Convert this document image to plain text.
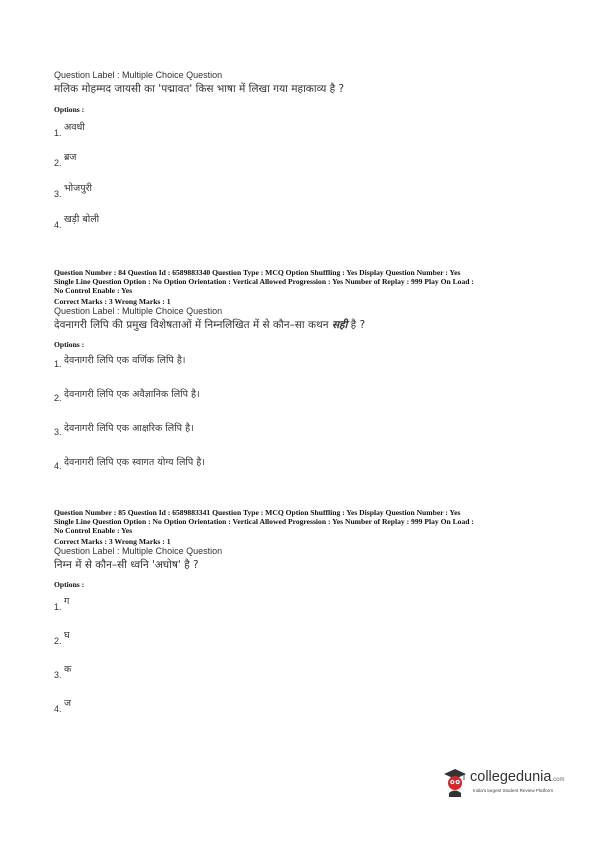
Question Label : Multiple Choice Question
मलिक मोहम्मद जायसी का 'पद्मावत' किस भाषा में लिखा गया महाकाव्य है ?
Options :
1. अवधी
2. ब्रज
3. भोजपुरी
4. खड़ी बोली
Question Number : 84 Question Id : 6589883340 Question Type : MCQ Option Shuffling : Yes Display Question Number : Yes
Single Line Question Option : No Option Orientation : Vertical Allowed Progression : Yes Number of Replay : 999 Play On Load :
No Control Enable : Yes
Correct Marks : 3 Wrong Marks : 1
Question Label : Multiple Choice Question
देवनागरी लिपि की प्रमुख विशेषताओं में निम्नलिखित में से कौन–सा कथन सही है ?
Options :
1. देवनागरी लिपि एक वर्णिक लिपि है।
2. देवनागरी लिपि एक अवैज्ञानिक लिपि है।
3. देवनागरी लिपि एक आक्षरिक लिपि है।
4. देवनागरी लिपि एक स्वागत योग्य लिपि है।
Question Number : 85 Question Id : 6589883341 Question Type : MCQ Option Shuffling : Yes Display Question Number : Yes
Single Line Question Option : No Option Orientation : Vertical Allowed Progression : Yes Number of Replay : 999 Play On Load :
No Control Enable : Yes
Correct Marks : 3 Wrong Marks : 1
Question Label : Multiple Choice Question
निम्न में से कौन–सी ध्वनि 'अघोष' है ?
Options :
1. ग
2. घ
3. क
4. ज
collegedunia.com
India's largest Student Review Platform
